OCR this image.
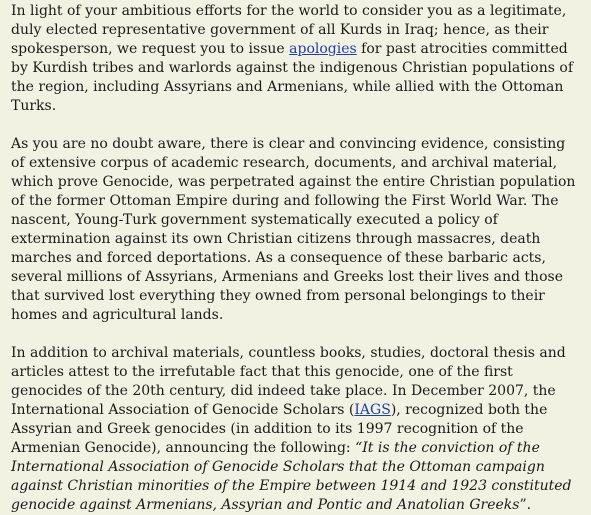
In light of your ambitious efforts for the world to consider you as a legitimate, duly elected representative government of all Kurds in Iraq; hence, as their spokesperson, we request you to issue apologies for past atrocities committed by Kurdish tribes and warlords against the indigenous Christian populations of the region, including Assyrians and Armenians, while allied with the Ottoman Turks.

As you are no doubt aware, there is clear and convincing evidence, consisting of extensive corpus of academic research, documents, and archival material, which prove Genocide, was perpetrated against the entire Christian population of the former Ottoman Empire during and following the First World War. The nascent, Young-Turk government systematically executed a policy of extermination against its own Christian citizens through massacres, death marches and forced deportations. As a consequence of these barbaric acts, several millions of Assyrians, Armenians and Greeks lost their lives and those that survived lost everything they owned from personal belongings to their homes and agricultural lands.

In addition to archival materials, countless books, studies, doctoral thesis and articles attest to the irrefutable fact that this genocide, one of the first genocides of the 20th century, did indeed take place. In December 2007, the International Association of Genocide Scholars (IAGS), recognized both the Assyrian and Greek genocides (in addition to its 1997 recognition of the Armenian Genocide), announcing the following: “It is the conviction of the International Association of Genocide Scholars that the Ottoman campaign against Christian minorities of the Empire between 1914 and 1923 constituted genocide against Armenians, Assyrian and Pontic and Anatolian Greeks”.
